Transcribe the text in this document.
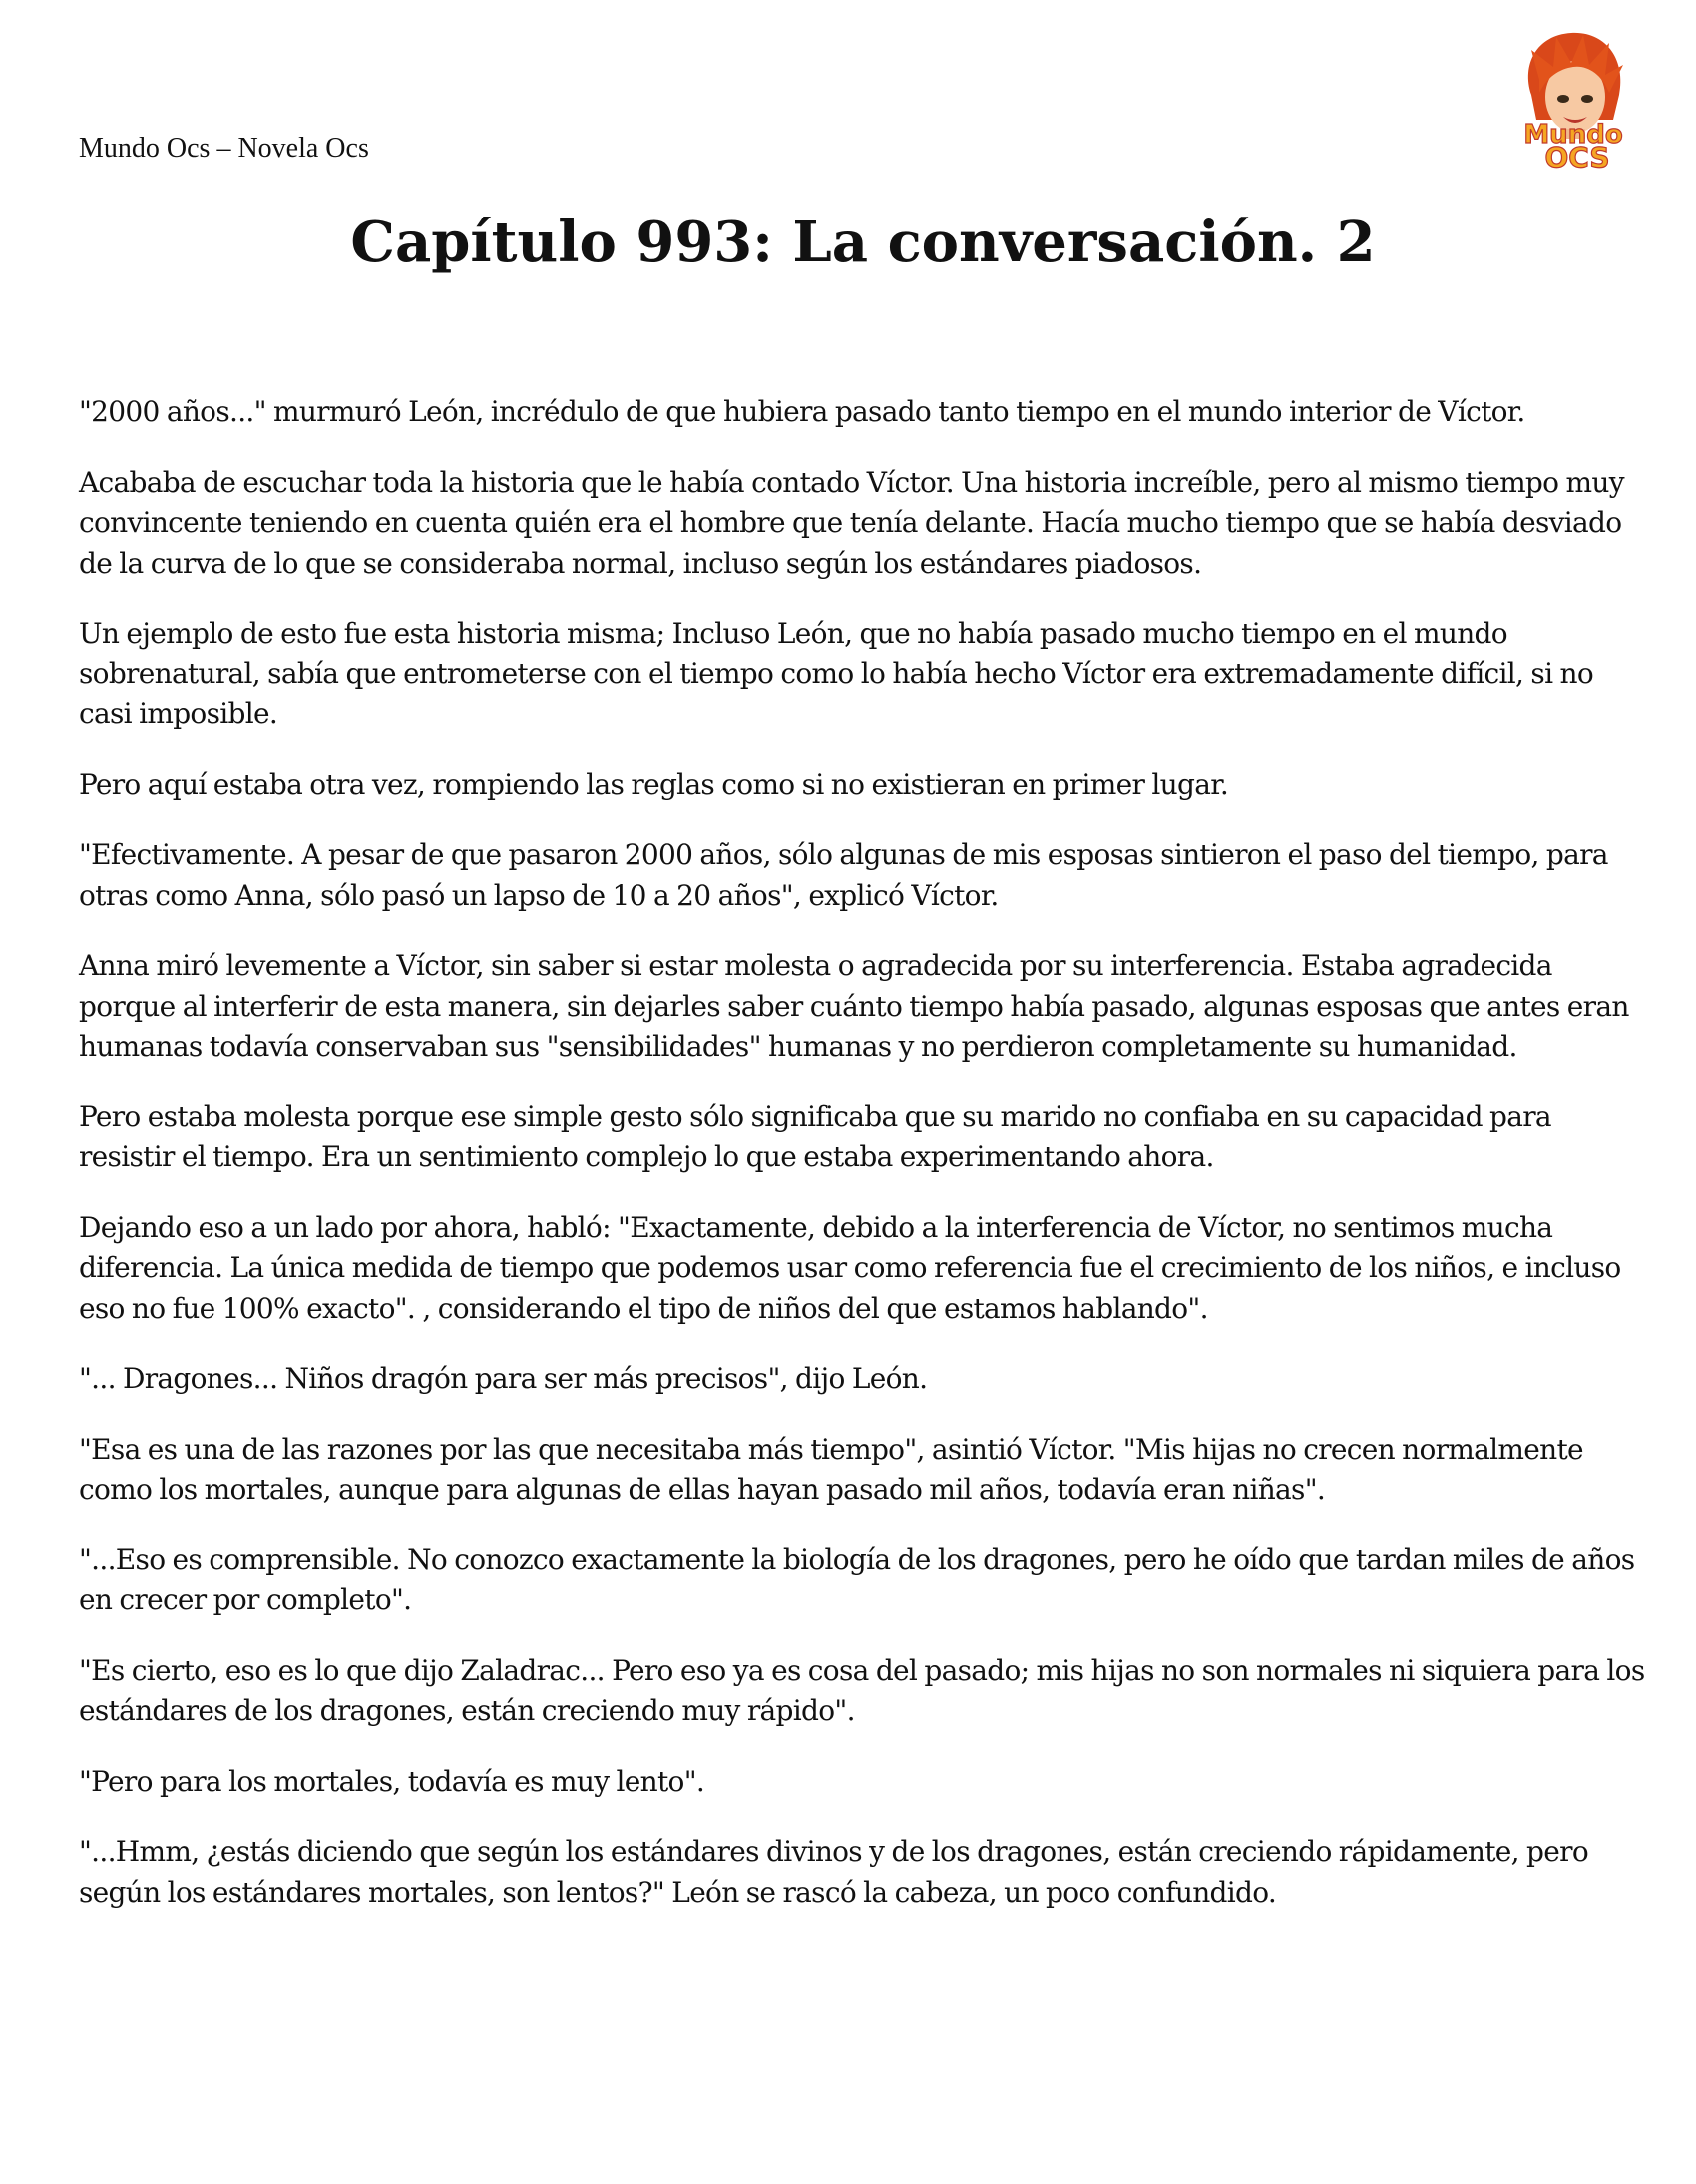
Mundo Ocs – Novela Ocs	Mundo
OCS
Capítulo 993: La conversación. 2

"2000 años..." murmuró León, incrédulo de que hubiera pasado tanto tiempo en el mundo interior de Víctor.

Acababa de escuchar toda la historia que le había contado Víctor. Una historia increíble, pero al mismo tiempo muy convincente teniendo en cuenta quién era el hombre que tenía delante. Hacía mucho tiempo que se había desviado de la curva de lo que se consideraba normal, incluso según los estándares piadosos.

Un ejemplo de esto fue esta historia misma; Incluso León, que no había pasado mucho tiempo en el mundo sobrenatural, sabía que entrometerse con el tiempo como lo había hecho Víctor era extremadamente difícil, si no casi imposible.

Pero aquí estaba otra vez, rompiendo las reglas como si no existieran en primer lugar.

"Efectivamente. A pesar de que pasaron 2000 años, sólo algunas de mis esposas sintieron el paso del tiempo, para otras como Anna, sólo pasó un lapso de 10 a 20 años", explicó Víctor.

Anna miró levemente a Víctor, sin saber si estar molesta o agradecida por su interferencia. Estaba agradecida porque al interferir de esta manera, sin dejarles saber cuánto tiempo había pasado, algunas esposas que antes eran humanas todavía conservaban sus "sensibilidades" humanas y no perdieron completamente su humanidad.

Pero estaba molesta porque ese simple gesto sólo significaba que su marido no confiaba en su capacidad para resistir el tiempo. Era un sentimiento complejo lo que estaba experimentando ahora.

Dejando eso a un lado por ahora, habló: "Exactamente, debido a la interferencia de Víctor, no sentimos mucha diferencia. La única medida de tiempo que podemos usar como referencia fue el crecimiento de los niños, e incluso eso no fue 100% exacto". , considerando el tipo de niños del que estamos hablando".

"... Dragones... Niños dragón para ser más precisos", dijo León.

"Esa es una de las razones por las que necesitaba más tiempo", asintió Víctor. "Mis hijas no crecen normalmente como los mortales, aunque para algunas de ellas hayan pasado mil años, todavía eran niñas".

"...Eso es comprensible. No conozco exactamente la biología de los dragones, pero he oído que tardan miles de años en crecer por completo".

"Es cierto, eso es lo que dijo Zaladrac... Pero eso ya es cosa del pasado; mis hijas no son normales ni siquiera para los estándares de los dragones, están creciendo muy rápido".

"Pero para los mortales, todavía es muy lento".

"...Hmm, ¿estás diciendo que según los estándares divinos y de los dragones, están creciendo rápidamente, pero según los estándares mortales, son lentos?" León se rascó la cabeza, un poco confundido.
